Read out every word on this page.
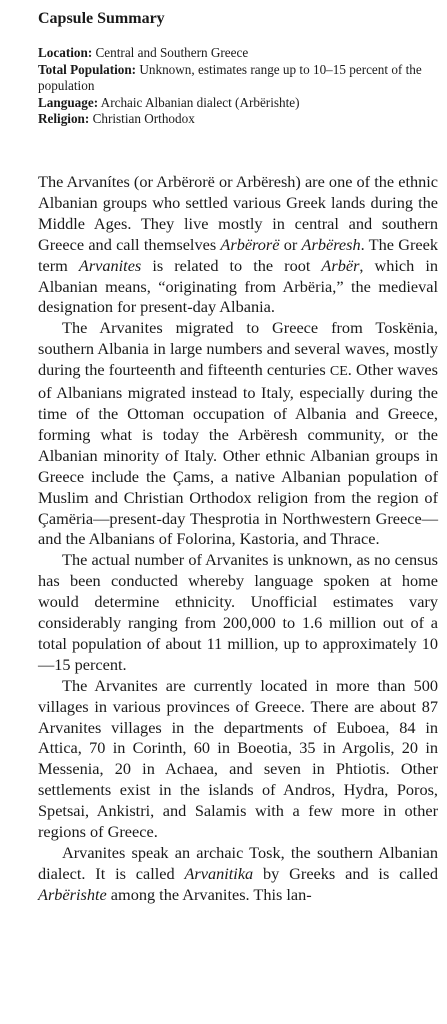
Capsule Summary

Location: Central and Southern Greece

Total Population: Unknown, estimates range up to 10–15 percent of the population

Language: Archaic Albanian dialect (Arbërishte)

Religion: Christian Orthodox

The Arvanítes (or Arbërorë or Arbëresh) are one of the ethnic Albanian groups who settled various Greek lands during the Middle Ages. They live mostly in central and southern Greece and call themselves Arbërorë or Arbëresh. The Greek term Arvanites is related to the root Arbër, which in Albanian means, “originating from Arbëria,” the medieval designation for present-day Albania.

The Arvanites migrated to Greece from Toskënia, southern Albania in large numbers and several waves, mostly during the fourteenth and fifteenth centuries CE. Other waves of Albanians migrated instead to Italy, especially during the time of the Ottoman occupation of Albania and Greece, forming what is today the Arbëresh community, or the Albanian minority of Italy. Other ethnic Albanian groups in Greece include the Çams, a native Albanian population of Muslim and Christian Orthodox religion from the region of Çamëria—present-day Thesprotia in Northwestern Greece—and the Albanians of Folorina, Kastoria, and Thrace.

The actual number of Arvanites is unknown, as no census has been conducted whereby language spoken at home would determine ethnicity. Unofficial estimates vary considerably ranging from 200,000 to 1.6 million out of a total population of about 11 million, up to approximately 10—15 percent.

The Arvanites are currently located in more than 500 villages in various provinces of Greece. There are about 87 Arvanites villages in the departments of Euboea, 84 in Attica, 70 in Corinth, 60 in Boeotia, 35 in Argolis, 20 in Messenia, 20 in Achaea, and seven in Phtiotis. Other settlements exist in the islands of Andros, Hydra, Poros, Spetsai, Ankistri, and Salamis with a few more in other regions of Greece.

Arvanites speak an archaic Tosk, the southern Albanian dialect. It is called Arvanitika by Greeks and is called Arbërishte among the Arvanites. This lan-
